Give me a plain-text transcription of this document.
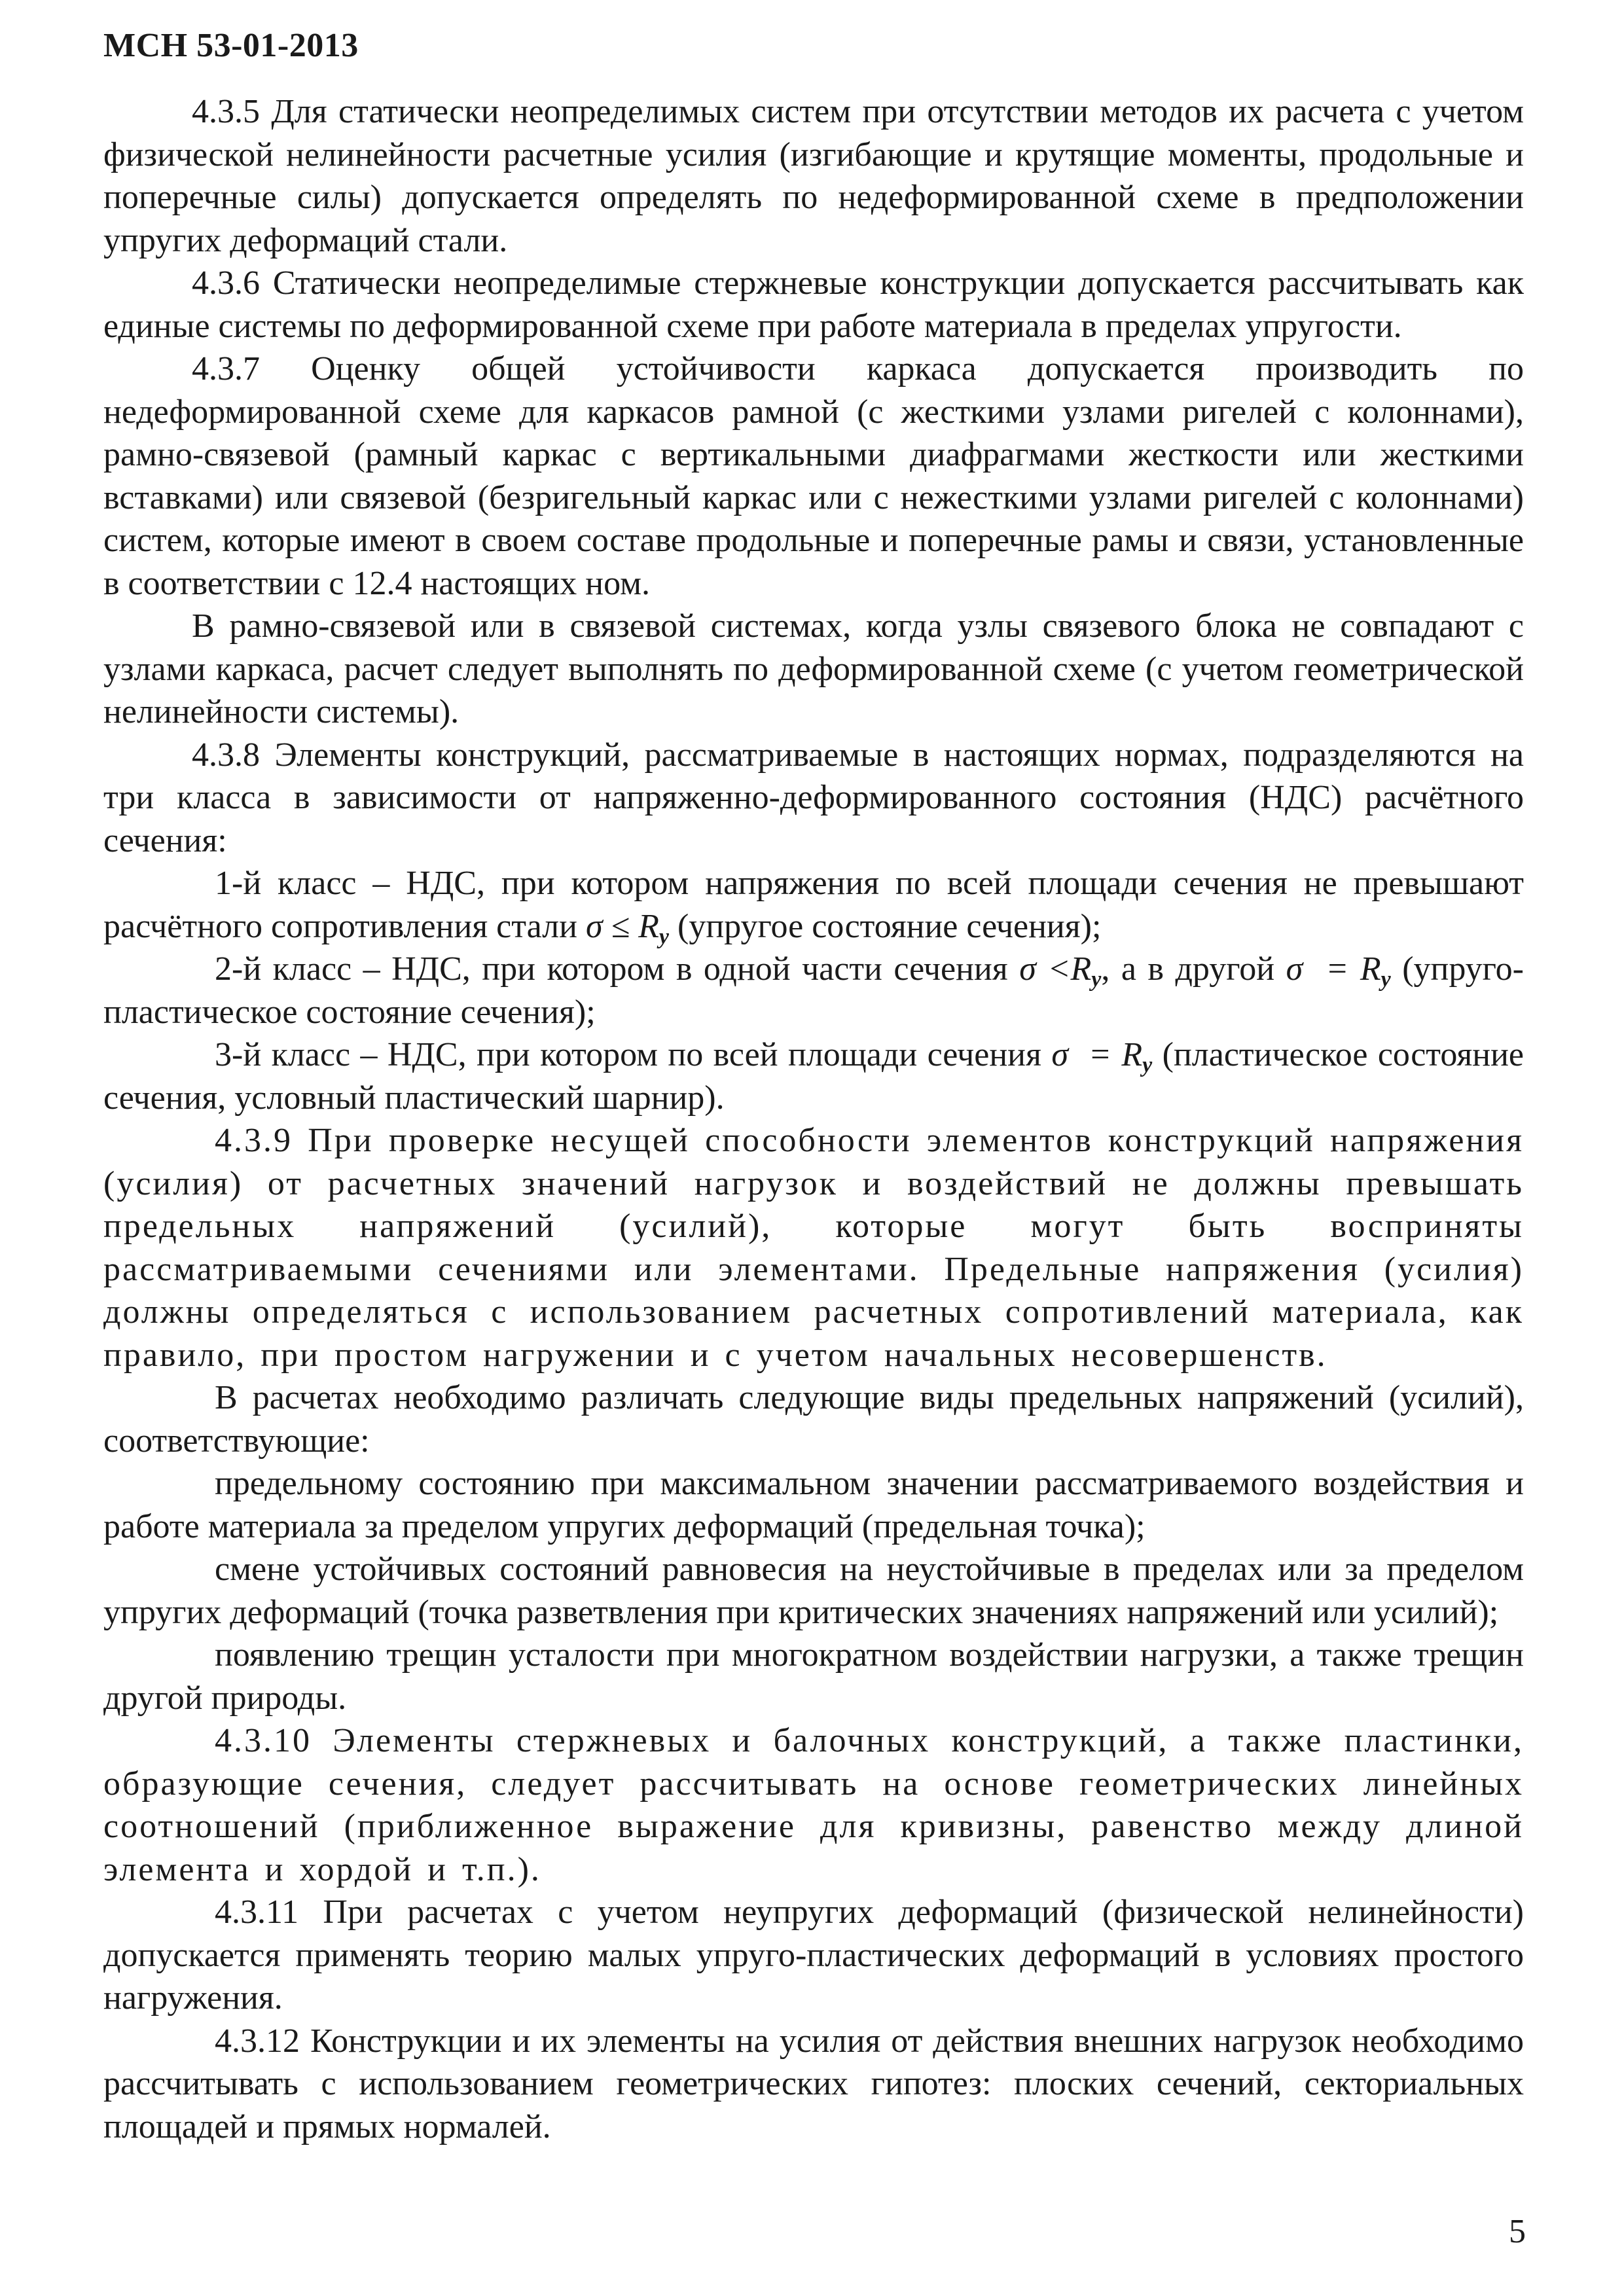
МСН 53-01-2013

4.3.5 Для статически неопределимых систем при отсутствии методов их расчета с учетом физической нелинейности расчетные усилия (изгибающие и крутящие моменты, продольные и поперечные силы) допускается определять по недеформированной схеме в предположении упругих деформаций стали.

4.3.6 Статически неопределимые стержневые конструкции допускается рассчитывать как единые системы по деформированной схеме при работе материала в пределах упругости.

4.3.7 Оценку общей устойчивости каркаса допускается производить по недеформированной схеме для каркасов рамной (с жесткими узлами ригелей с колоннами), рамно-связевой (рамный каркас с вертикальными диафрагмами жесткости или жесткими вставками) или связевой (безригельный каркас или с нежесткими узлами ригелей с колоннами) систем, которые имеют в своем составе продольные и поперечные рамы и связи, установленные в соответствии с 12.4 настоящих ном.

В рамно-связевой или в связевой системах, когда узлы связевого блока не совпадают с узлами каркаса, расчет следует выполнять по деформированной схеме (с учетом геометрической нелинейности системы).

4.3.8 Элементы конструкций, рассматриваемые в настоящих нормах, подразделяются на три класса в зависимости от напряженно-деформированного состояния (НДС) расчётного сечения:

1-й класс – НДС, при котором напряжения по всей площади сечения не превышают расчётного сопротивления стали $\sigma \le R_y$ (упругое состояние сечения);

2-й класс – НДС, при котором в одной части сечения $\sigma <R_y$, а в другой $\sigma = R_y$ (упруго-пластическое состояние сечения);

3-й класс – НДС, при котором по всей площади сечения $\sigma = R_y$ (пластическое состояние сечения, условный пластический шарнир).

4.3.9 При проверке несущей способности элементов конструкций напряжения (усилия) от расчетных значений нагрузок и воздействий не должны превышать предельных напряжений (усилий), которые могут быть восприняты рассматриваемыми сечениями или элементами. Предельные напряжения (усилия) должны определяться с использованием расчетных сопротивлений материала, как правило, при простом нагружении и с учетом начальных несовершенств.

В расчетах необходимо различать следующие виды предельных напряжений (усилий), соответствующие:

предельному состоянию при максимальном значении рассматриваемого воздействия и работе материала за пределом упругих деформаций (предельная точка);

смене устойчивых состояний равновесия на неустойчивые в пределах или за пределом упругих деформаций (точка разветвления при критических значениях напряжений или усилий);

появлению трещин усталости при многократном воздействии нагрузки, а также трещин другой природы.

4.3.10 Элементы стержневых и балочных конструкций, а также пластинки, образующие сечения, следует рассчитывать на основе геометрических линейных соотношений (приближенное выражение для кривизны, равенство между длиной элемента и хордой и т.п.).

4.3.11 При расчетах с учетом неупругих деформаций (физической нелинейности) допускается применять теорию малых упруго-пластических деформаций в условиях простого нагружения.

4.3.12 Конструкции и их элементы на усилия от действия внешних нагрузок необходимо рассчитывать с использованием геометрических гипотез: плоских сечений, секториальных площадей и прямых нормалей.

5
